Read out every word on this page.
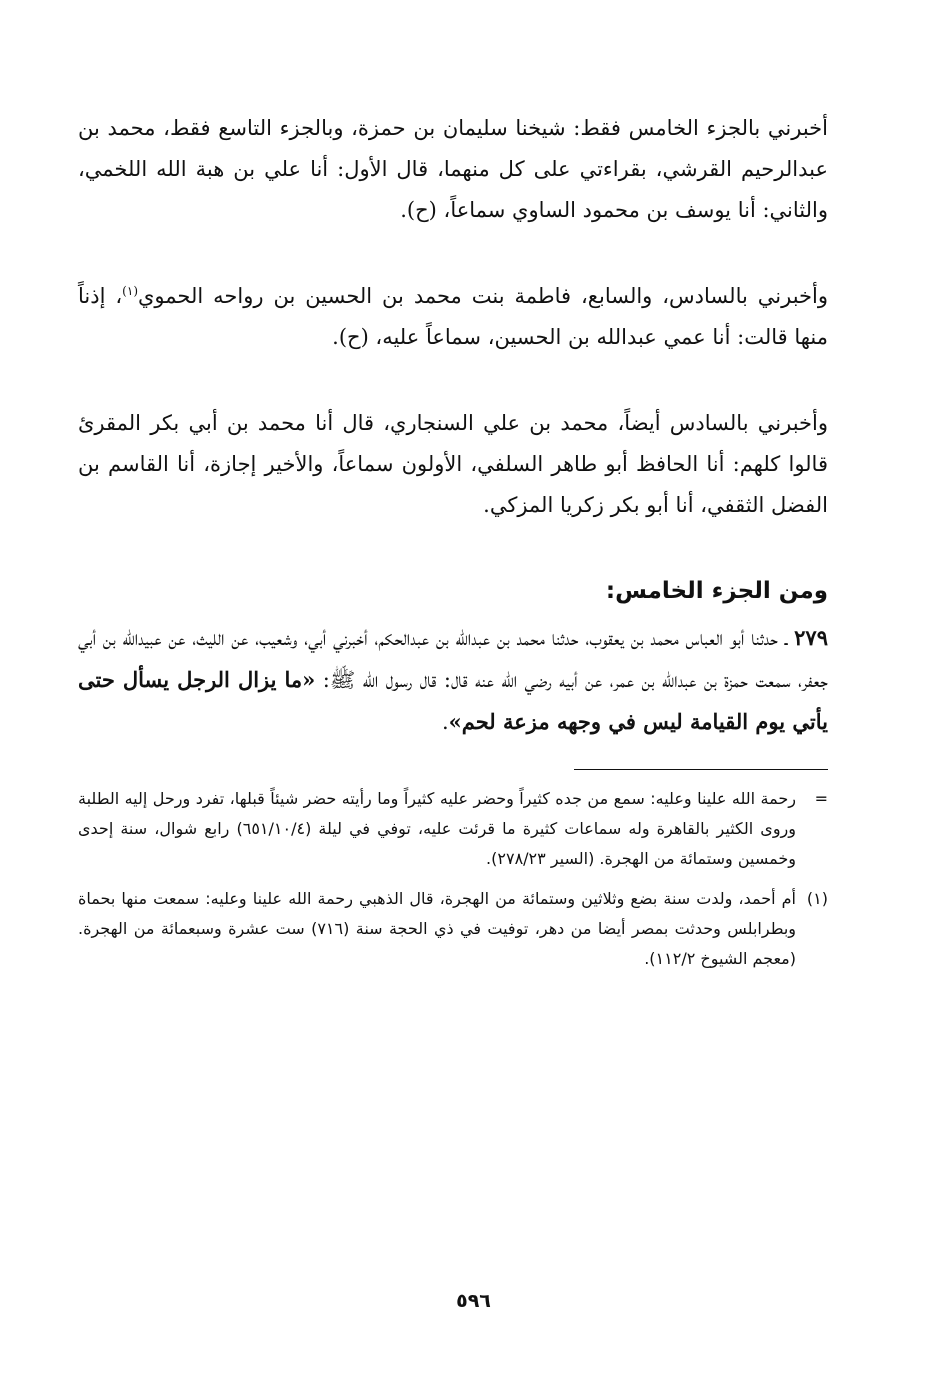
أخبرني بالجزء الخامس فقط: شيخنا سليمان بن حمزة، وبالجزء التاسع فقط، محمد بن عبدالرحيم القرشي، بقراءتي على كل منهما، قال الأول: أنا علي بن هبة الله اللخمي، والثاني: أنا يوسف بن محمود الساوي سماعاً، (ح).

وأخبرني بالسادس، والسابع، فاطمة بنت محمد بن الحسين بن رواحه الحموي$^{(١)}$، إذناً منها قالت: أنا عمي عبدالله بن الحسين، سماعاً عليه، (ح).

وأخبرني بالسادس أيضاً، محمد بن علي السنجاري، قال أنا محمد بن أبي بكر المقرئ قالوا كلهم: أنا الحافظ أبو طاهر السلفي، الأولون سماعاً، والأخير إجازة، أنا القاسم بن الفضل الثقفي، أنا أبو بكر زكريا المزكي.

ومن الجزء الخامس:

٢٧٩ ـ حدثنا أبو العباس محمد بن يعقوب، حدثنا محمد بن عبدالله بن عبدالحكم، أخبرني أبي، وشعيب، عن الليث، عن عبيدالله بن أبي جعفر، سمعت حمزة بن عبدالله بن عمر، عن أبيه رضي الله عنه قال: قال رسول الله ﷺ: «ما يزال الرجل يسأل حتى يأتي يوم القيامة ليس في وجهه مزعة لحم».

=
رحمة الله علينا وعليه: سمع من جده كثيراً وحضر عليه كثيراً وما رأيته حضر شيئاً قبلها، تفرد ورحل إليه الطلبة وروى الكثير بالقاهرة وله سماعات كثيرة ما قرئت عليه، توفي في ليلة (٦٥١/١٠/٤) رابع شوال، سنة إحدى وخمسين وستمائة من الهجرة. (السير ٢٧٨/٢٣).
(١)
أم أحمد، ولدت سنة بضع وثلاثين وستمائة من الهجرة، قال الذهبي رحمة الله علينا وعليه: سمعت منها بحماة وبطرابلس وحدثت بمصر أيضا من دهر، توفيت في ذي الحجة سنة (٧١٦) ست عشرة وسبعمائة من الهجرة. (معجم الشيوخ ١١٢/٢).
٥٩٦
